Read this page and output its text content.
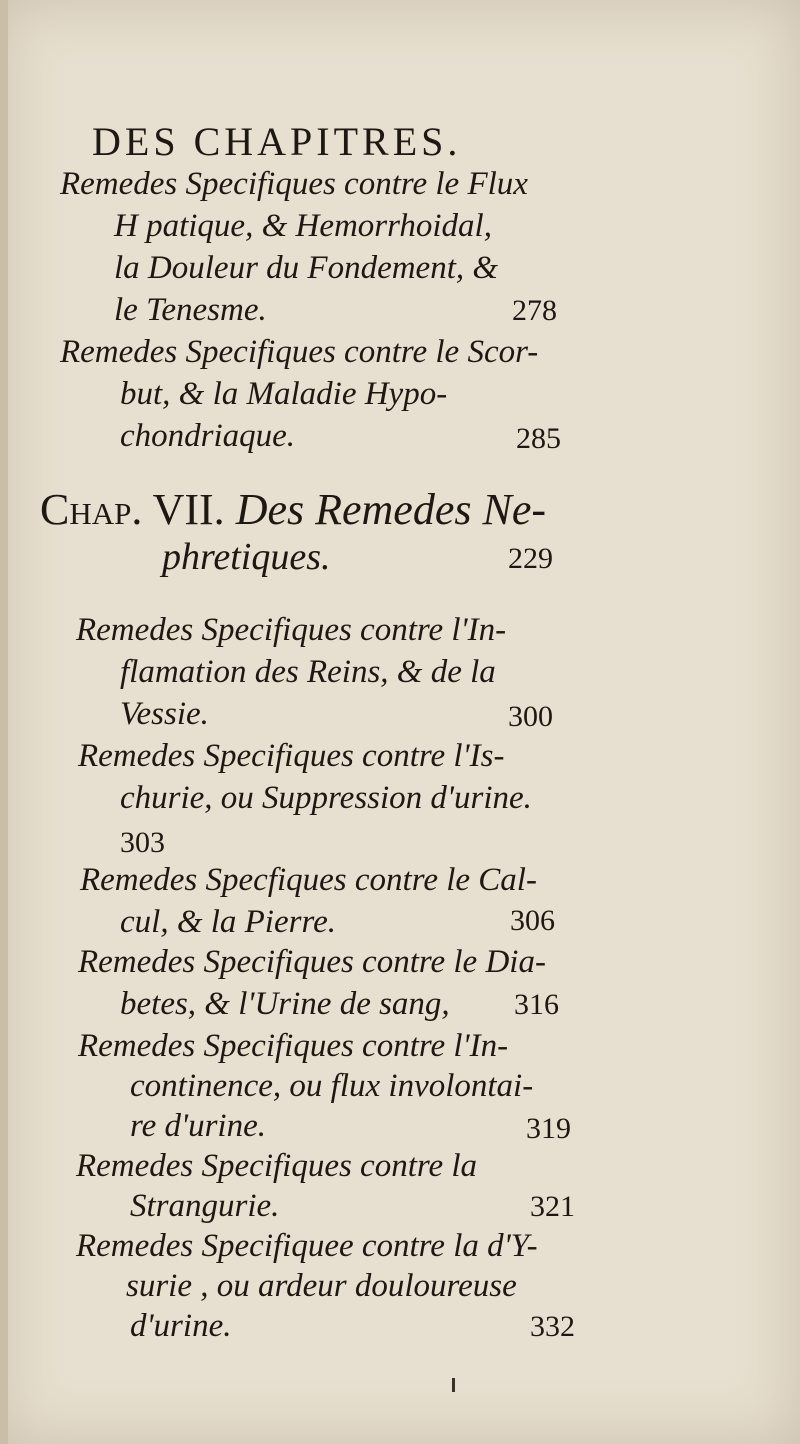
DES CHAPITRES.
Remedes Specifiques contre le Flux
H patique, & Hemorrhoidal,
la Douleur du Fondement, &
le Tenesme.	278
Remedes Specifiques contre le Scor-
but, & la Maladie Hypo-
chondriaque.	285
Chap. VII. Des Remedes Ne-
phretiques.	229
Remedes Specifiques contre l'In-
flamation des Reins, & de la
Vessie.	300
Remedes Specifiques contre l'Is-
churie, ou Suppression d'urine.
303
Remedes Specfiques contre le Cal-
cul, & la Pierre.	306
Remedes Specifiques contre le Dia-
betes, & l'Urine de sang, 316
Remedes Specifiques contre l'In-
continence, ou flux involontai-
re d'urine.	319
Remedes Specifiques contre la
Strangurie.	321
Remedes Specifiquee contre la d'Y-
surie , ou ardeur douloureuse
d'urine.	332
